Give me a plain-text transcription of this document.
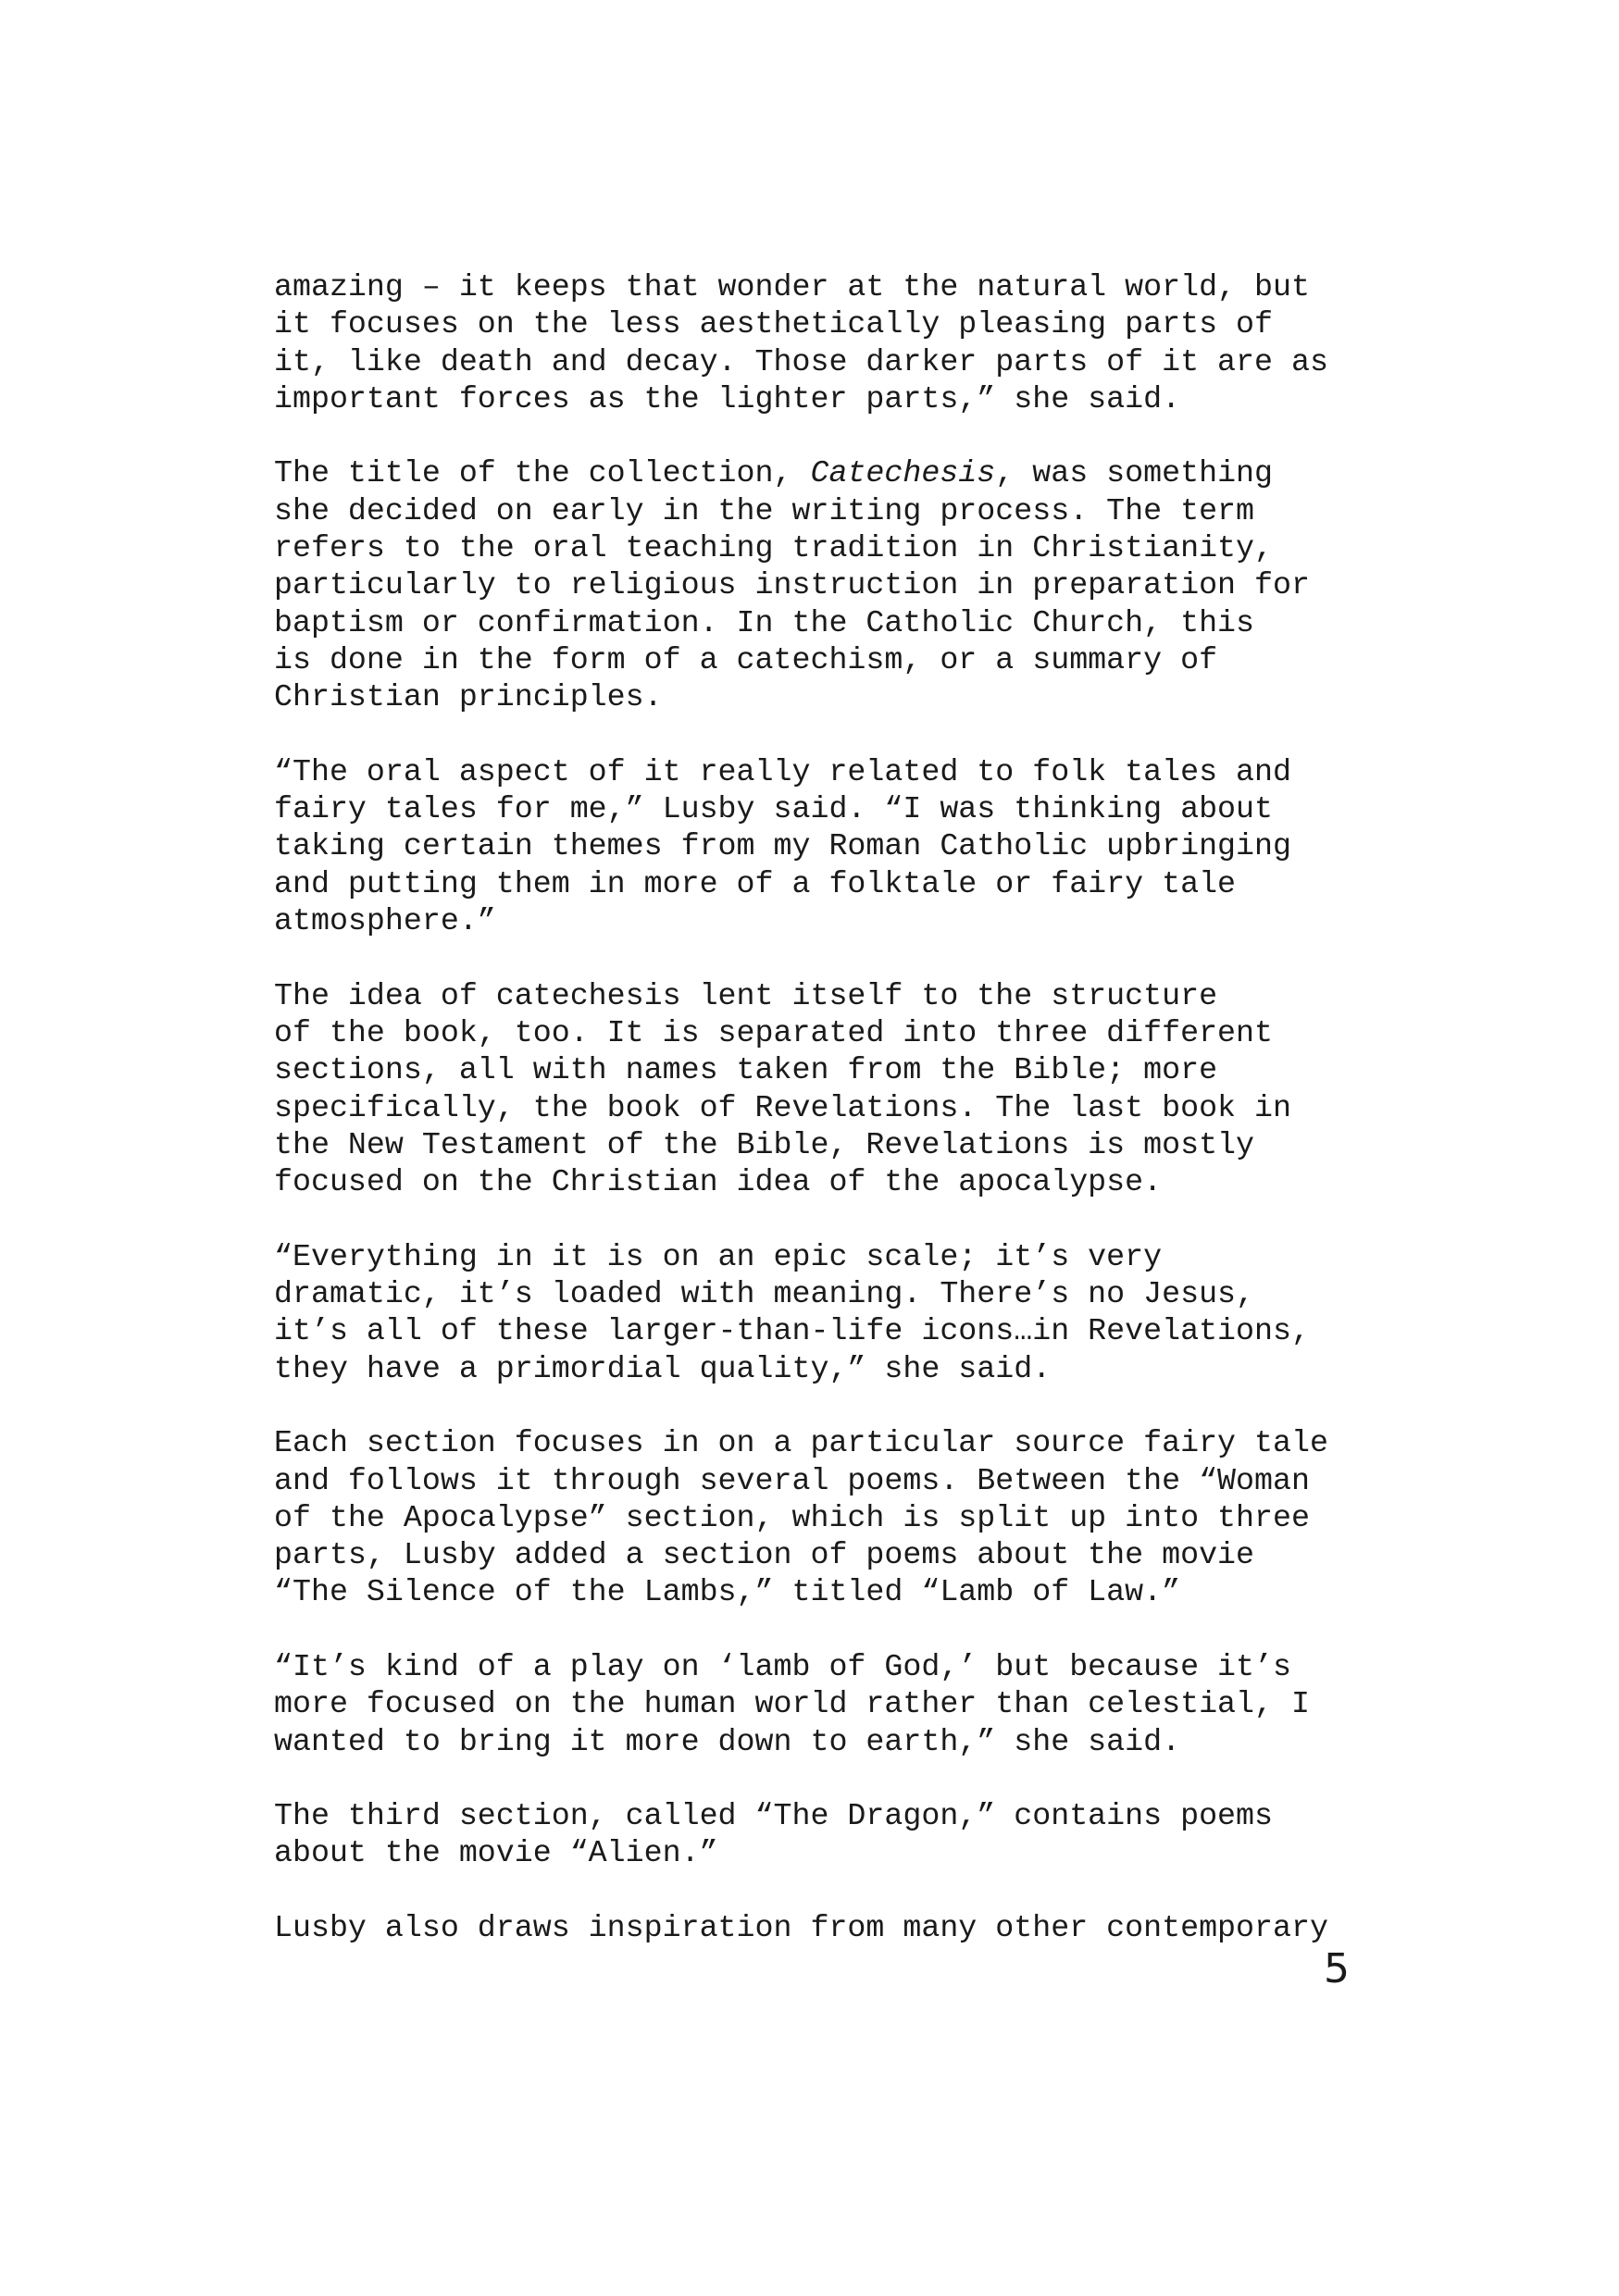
amazing – it keeps that wonder at the natural world, but
it focuses on the less aesthetically pleasing parts of
it, like death and decay. Those darker parts of it are as
important forces as the lighter parts,” she said.
The title of the collection, Catechesis, was something
she decided on early in the writing process. The term
refers to the oral teaching tradition in Christianity,
particularly to religious instruction in preparation for
baptism or confirmation. In the Catholic Church, this
is done in the form of a catechism, or a summary of
Christian principles.
“The oral aspect of it really related to folk tales and
fairy tales for me,” Lusby said. “I was thinking about
taking certain themes from my Roman Catholic upbringing
and putting them in more of a folktale or fairy tale
atmosphere.”
The idea of catechesis lent itself to the structure
of the book, too. It is separated into three different
sections, all with names taken from the Bible; more
specifically, the book of Revelations. The last book in
the New Testament of the Bible, Revelations is mostly
focused on the Christian idea of the apocalypse.
“Everything in it is on an epic scale; it’s very
dramatic, it’s loaded with meaning. There’s no Jesus,
it’s all of these larger-than-life icons…in Revelations,
they have a primordial quality,” she said.
Each section focuses in on a particular source fairy tale
and follows it through several poems. Between the “Woman
of the Apocalypse” section, which is split up into three
parts, Lusby added a section of poems about the movie
“The Silence of the Lambs,” titled “Lamb of Law.”
“It’s kind of a play on ‘lamb of God,’ but because it’s
more focused on the human world rather than celestial, I
wanted to bring it more down to earth,” she said.
The third section, called “The Dragon,” contains poems
about the movie “Alien.”
Lusby also draws inspiration from many other contemporary
5
